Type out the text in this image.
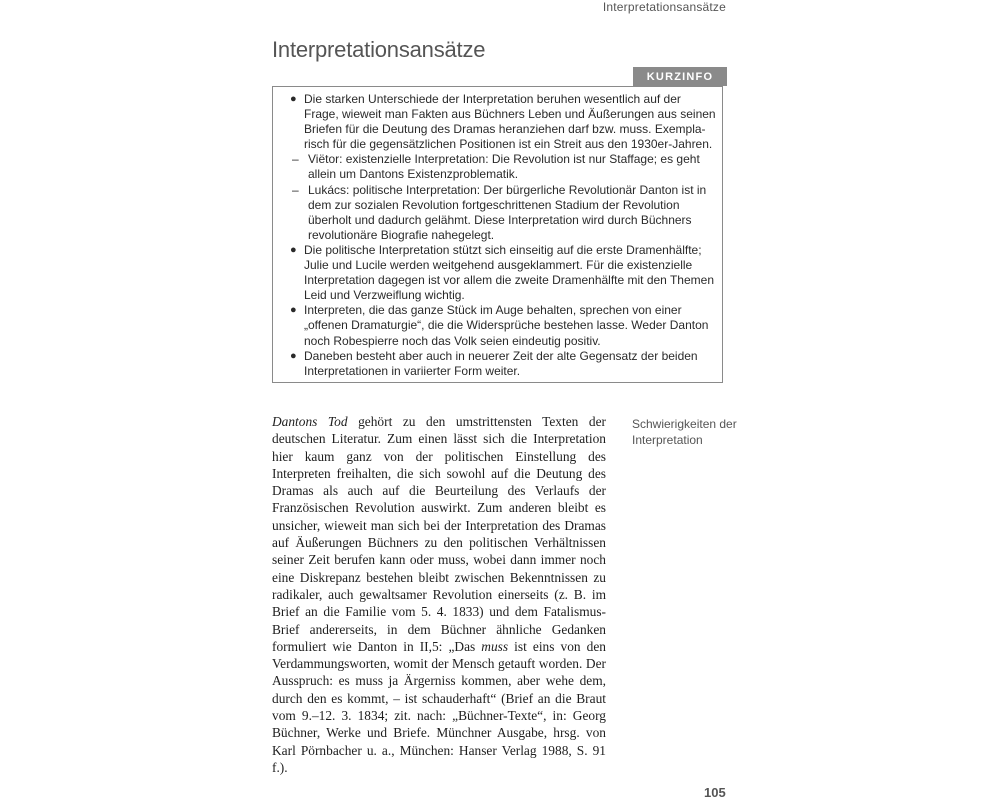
Interpretationsansätze
Interpretationsansätze
KURZINFO
● Die starken Unterschiede der Interpretation beruhen wesentlich auf der Frage, wieweit man Fakten aus Büchners Leben und Äußerungen aus seinen Briefen für die Deutung des Dramas heranziehen darf bzw. muss. Exemplarisch für die gegensätzlichen Positionen ist ein Streit aus den 1930er-Jahren.
– Viëtor: existenzielle Interpretation: Die Revolution ist nur Staffage; es geht allein um Dantons Existenzproblematik.
– Lukács: politische Interpretation: Der bürgerliche Revolutionär Danton ist in dem zur sozialen Revolution fortgeschrittenen Stadium der Revolution überholt und dadurch gelähmt. Diese Interpretation wird durch Büchners revolutionäre Biografie nahegelegt.
● Die politische Interpretation stützt sich einseitig auf die erste Dramenhälfte; Julie und Lucile werden weitgehend ausgeklammert. Für die existenzielle Interpretation dagegen ist vor allem die zweite Dramenhälfte mit den Themen Leid und Verzweiflung wichtig.
● Interpreten, die das ganze Stück im Auge behalten, sprechen von einer „offenen Dramaturgie“, die die Widersprüche bestehen lasse. Weder Danton noch Robespierre noch das Volk seien eindeutig positiv.
● Daneben besteht aber auch in neuerer Zeit der alte Gegensatz der beiden Interpretationen in variierter Form weiter.
Dantons Tod gehört zu den umstrittensten Texten der deutschen Literatur. Zum einen lässt sich die Interpretation hier kaum ganz von der politischen Einstellung des Interpreten freihalten, die sich sowohl auf die Deutung des Dramas als auch auf die Beurteilung des Verlaufs der Französischen Revolution auswirkt. Zum anderen bleibt es unsicher, wieweit man sich bei der Interpretation des Dramas auf Äußerungen Büchners zu den politischen Verhältnissen seiner Zeit berufen kann oder muss, wobei dann immer noch eine Diskrepanz bestehen bleibt zwischen Bekenntnissen zu radikaler, auch gewaltsamer Revolution einerseits (z. B. im Brief an die Familie vom 5. 4. 1833) und dem Fatalismus-Brief andererseits, in dem Büchner ähnliche Gedanken formuliert wie Danton in II,5: „Das muss ist eins von den Verdammungsworten, womit der Mensch getauft worden. Der Ausspruch: es muss ja Ärgerniss kommen, aber wehe dem, durch den es kommt, – ist schauderhaft“ (Brief an die Braut vom 9.–12. 3. 1834; zit. nach: „Büchner-Texte“, in: Georg Büchner, Werke und Briefe. Münchner Ausgabe, hrsg. von Karl Pörnbacher u. a., München: Hanser Verlag 1988, S. 91 f.).
Schwierigkeiten der Interpretation
105
